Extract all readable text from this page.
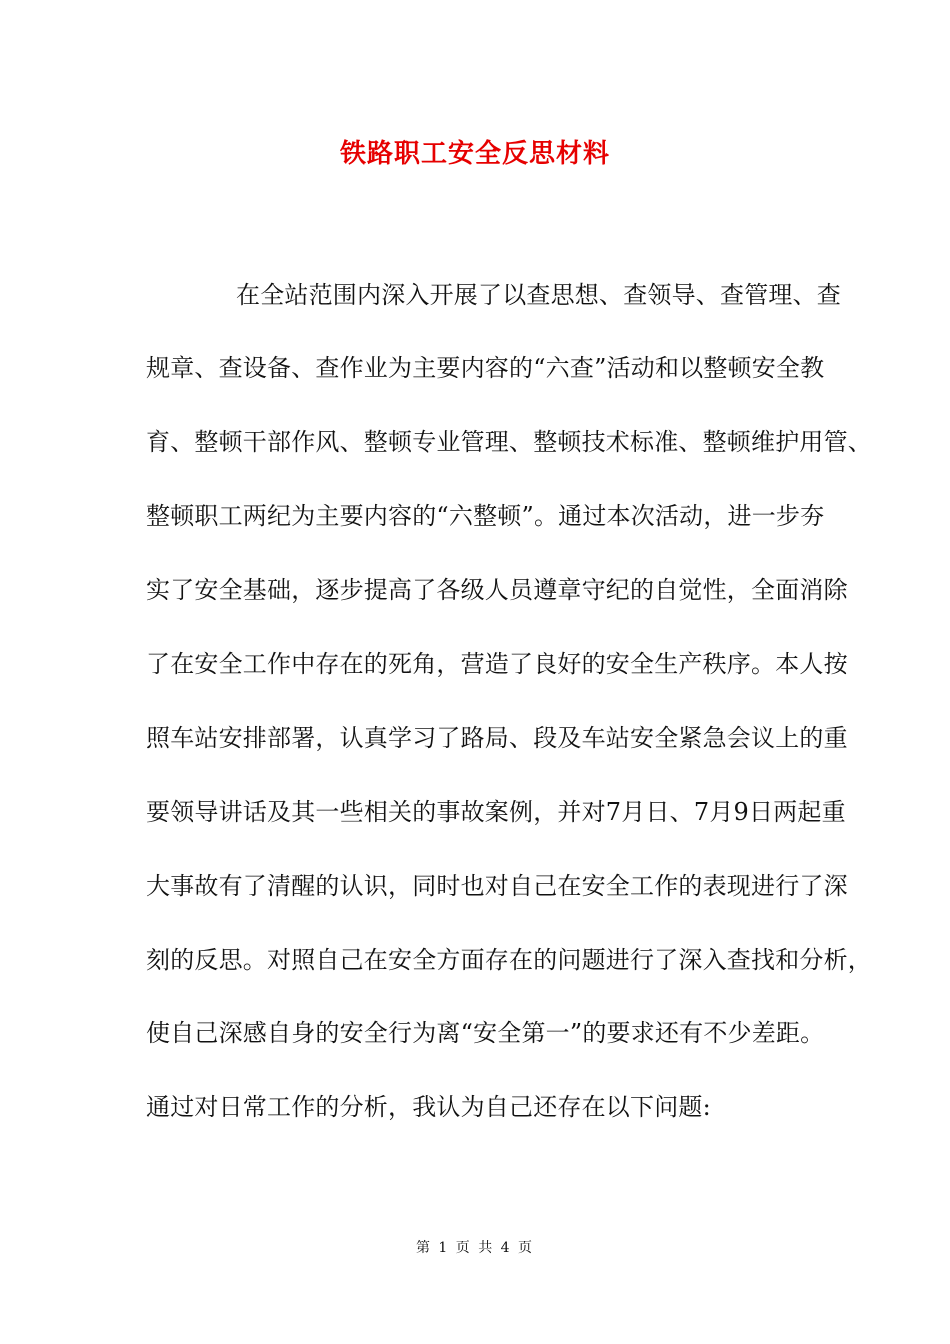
铁路职工安全反思材料
在全站范围内深入开展了以查思想、查领导、查管理、查
规章、查设备、查作业为主要内容的“六查”活动和以整顿安全教
育、整顿干部作风、整顿专业管理、整顿技术标准、整顿维护用管、
整顿职工两纪为主要内容的“六整顿”。通过本次活动，进一步夯
实了安全基础，逐步提高了各级人员遵章守纪的自觉性，全面消除
了在安全工作中存在的死角，营造了良好的安全生产秩序。本人按
照车站安排部署，认真学习了路局、段及车站安全紧急会议上的重
要领导讲话及其一些相关的事故案例，并对7月日、7月9日两起重
大事故有了清醒的认识，同时也对自己在安全工作的表现进行了深
刻的反思。对照自己在安全方面存在的问题进行了深入查找和分析，
使自己深感自身的安全行为离“安全第一”的要求还有不少差距。
通过对日常工作的分析，我认为自己还存在以下问题:
第 1 页 共 4 页
